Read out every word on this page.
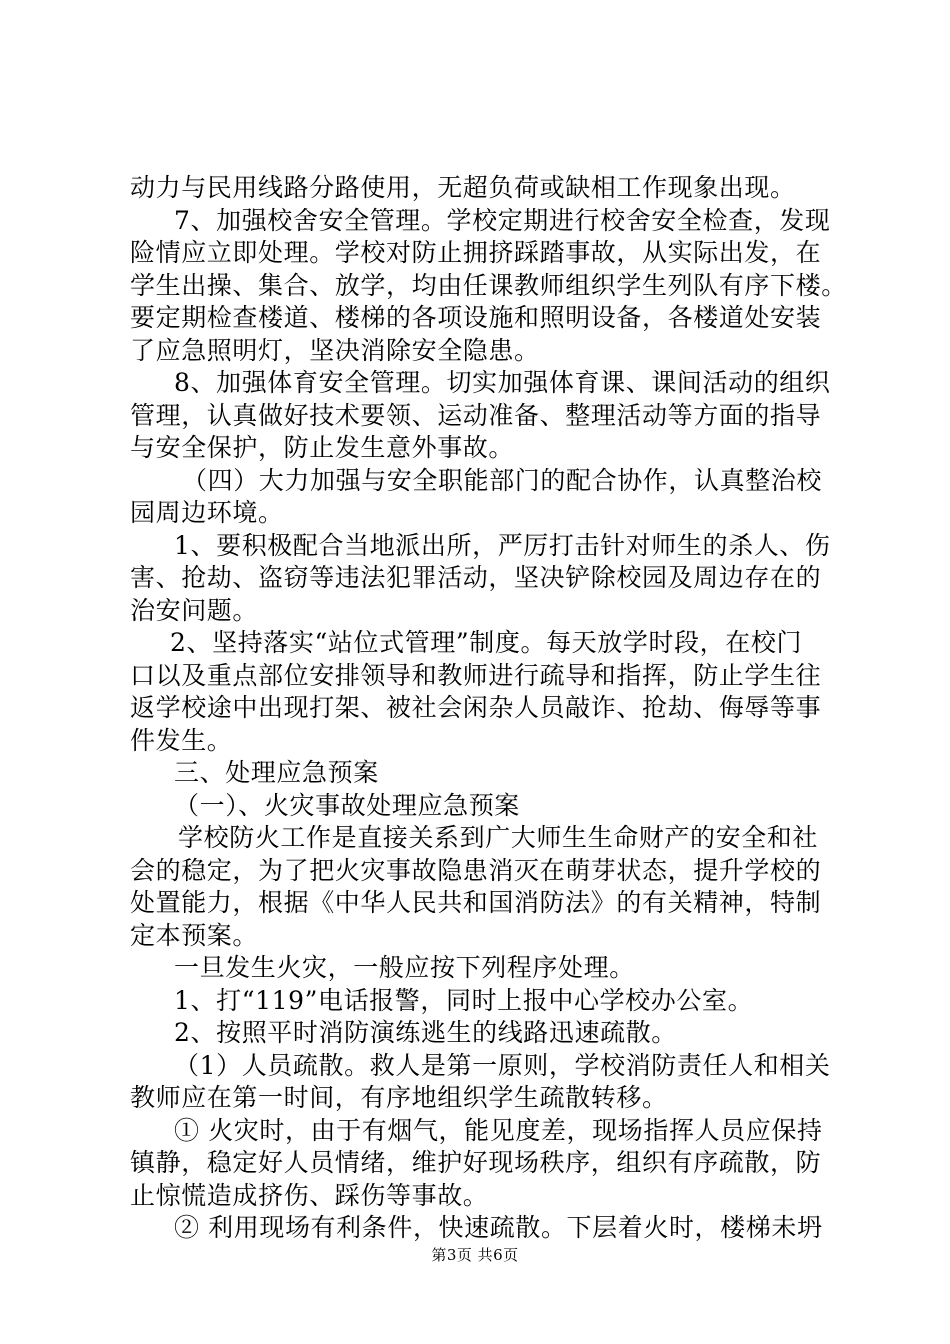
动力与民用线路分路使用，无超负荷或缺相工作现象出现。
7、加强校舍安全管理。学校定期进行校舍安全检查，发现
险情应立即处理。学校对防止拥挤踩踏事故，从实际出发，在
学生出操、集合、放学，均由任课教师组织学生列队有序下楼。
要定期检查楼道、楼梯的各项设施和照明设备，各楼道处安装
了应急照明灯，坚决消除安全隐患。
8、加强体育安全管理。切实加强体育课、课间活动的组织
管理，认真做好技术要领、运动准备、整理活动等方面的指导
与安全保护，防止发生意外事故。
（四）大力加强与安全职能部门的配合协作，认真整治校
园周边环境。
1、要积极配合当地派出所，严厉打击针对师生的杀人、伤
害、抢劫、盗窃等违法犯罪活动，坚决铲除校园及周边存在的
治安问题。
2、坚持落实“站位式管理”制度。每天放学时段，在校门
口以及重点部位安排领导和教师进行疏导和指挥，防止学生往
返学校途中出现打架、被社会闲杂人员敲诈、抢劫、侮辱等事
件发生。
三、处理应急预案
（一）、火灾事故处理应急预案
学校防火工作是直接关系到广大师生生命财产的安全和社
会的稳定，为了把火灾事故隐患消灭在萌芽状态，提升学校的
处置能力，根据《中华人民共和国消防法》的有关精神，特制
定本预案。
一旦发生火灾，一般应按下列程序处理。
1、打“119”电话报警，同时上报中心学校办公室。
2、按照平时消防演练逃生的线路迅速疏散。
（1）人员疏散。救人是第一原则，学校消防责任人和相关
教师应在第一时间，有序地组织学生疏散转移。
① 火灾时，由于有烟气，能见度差，现场指挥人员应保持
镇静，稳定好人员情绪，维护好现场秩序，组织有序疏散，防
止惊慌造成挤伤、踩伤等事故。
② 利用现场有利条件，快速疏散。下层着火时，楼梯未坍
第3页 共6页
